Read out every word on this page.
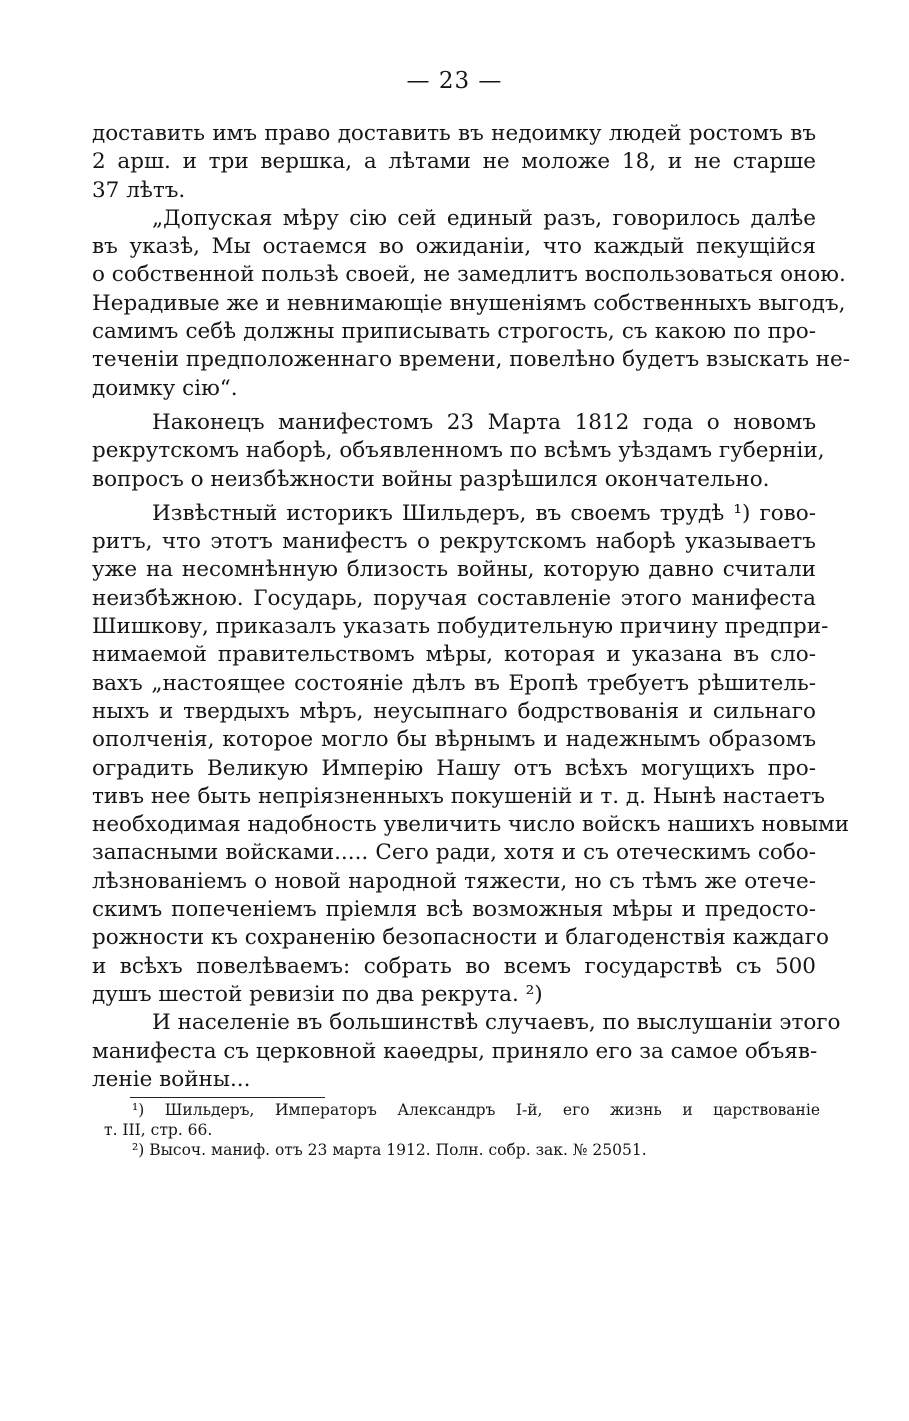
— 23 —
доставить имъ право доставить въ недоимку людей ростомъ въ
2 арш. и три вершка, а лѣтами не моложе 18, и не старше
37 лѣтъ.
„Допуская мѣру сію сей единый разъ, говорилось далѣе
въ указѣ, Мы остаемся во ожиданіи, что каждый пекущійся
о собственной пользѣ своей, не замедлитъ воспользоваться оною.
Нерадивые же и невнимающіе внушеніямъ собственныхъ выгодъ,
самимъ себѣ должны приписывать строгость, съ какою по про-
теченіи предположеннаго времени, повелѣно будетъ взыскать не-
доимку сію“.
Наконецъ манифестомъ 23 Марта 1812 года о новомъ
рекрутскомъ наборѣ, объявленномъ по всѣмъ уѣздамъ губерніи,
вопросъ о неизбѣжности войны разрѣшился окончательно.
Извѣстный историкъ Шильдеръ, въ своемъ трудѣ ¹) гово-
ритъ, что этотъ манифестъ о рекрутскомъ наборѣ указываетъ
уже на несомнѣнную близость войны, которую давно считали
неизбѣжною. Государь, поручая составленіе этого манифеста
Шишкову, приказалъ указать побудительную причину предпри-
нимаемой правительствомъ мѣры, которая и указана въ сло-
вахъ „настоящее состояніе дѣлъ въ Еропѣ требуетъ рѣшитель-
ныхъ и твердыхъ мѣръ, неусыпнаго бодрствованія и сильнаго
ополченія, которое могло бы вѣрнымъ и надежнымъ образомъ
оградить Великую Имперію Нашу отъ всѣхъ могущихъ про-
тивъ нее быть непріязненныхъ покушеній и т. д. Нынѣ настаетъ
необходимая надобность увеличить число войскъ нашихъ новыми
запасными войсками..... Сего ради, хотя и съ отеческимъ собо-
лѣзнованіемъ о новой народной тяжести, но съ тѣмъ же отече-
скимъ попеченіемъ пріемля всѣ возможныя мѣры и предосто-
рожности къ сохраненію безопасности и благоденствія каждаго
и всѣхъ повелѣваемъ: собрать во всемъ государствѣ съ 500
душъ шестой ревизіи по два рекрута. ²)
И населеніе въ большинствѣ случаевъ, по выслушаніи этого
манифеста съ церковной каѳедры, приняло его за самое объяв-
леніе войны...
¹) Шильдеръ, Императоръ Александръ I-й, его жизнь и царствованіе
т. III, стр. 66.
²) Высоч. маниф. отъ 23 марта 1912. Полн. собр. зак. № 25051.
